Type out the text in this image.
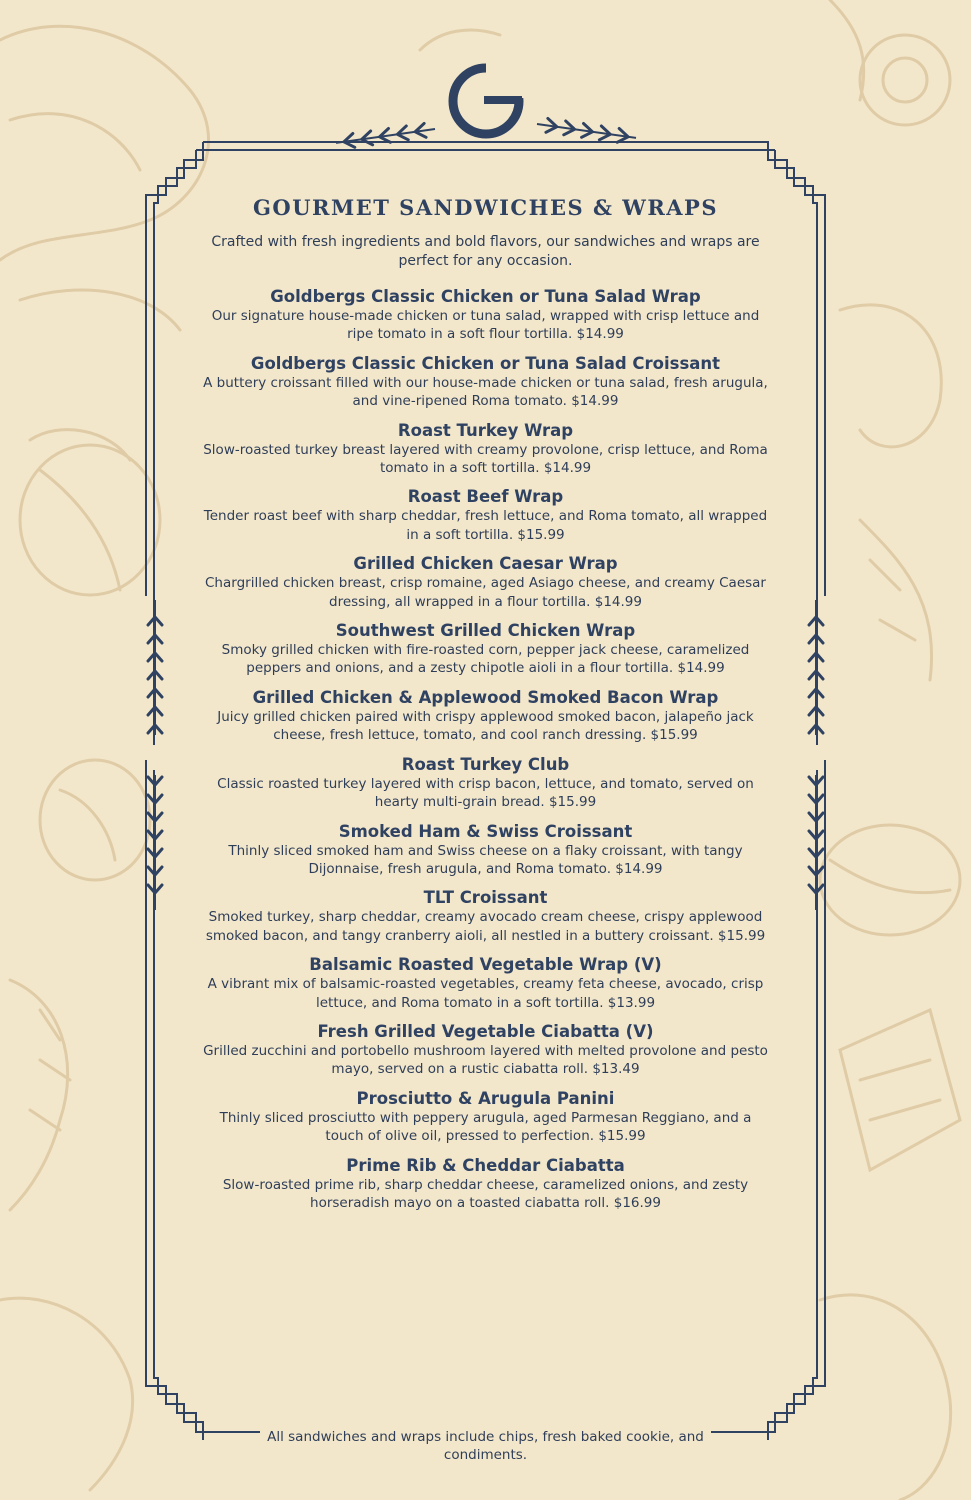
GOURMET SANDWICHES & WRAPS

Crafted with fresh ingredients and bold flavors, our sandwiches and wraps are perfect for any occasion.

Goldbergs Classic Chicken or Tuna Salad Wrap
Our signature house-made chicken or tuna salad, wrapped with crisp lettuce and ripe tomato in a soft flour tortilla. $14.99
Goldbergs Classic Chicken or Tuna Salad Croissant
A buttery croissant filled with our house-made chicken or tuna salad, fresh arugula, and vine-ripened Roma tomato. $14.99
Roast Turkey Wrap
Slow-roasted turkey breast layered with creamy provolone, crisp lettuce, and Roma tomato in a soft tortilla. $14.99
Roast Beef Wrap
Tender roast beef with sharp cheddar, fresh lettuce, and Roma tomato, all wrapped in a soft tortilla. $15.99
Grilled Chicken Caesar Wrap
Chargrilled chicken breast, crisp romaine, aged Asiago cheese, and creamy Caesar dressing, all wrapped in a flour tortilla. $14.99
Southwest Grilled Chicken Wrap
Smoky grilled chicken with fire-roasted corn, pepper jack cheese, caramelized peppers and onions, and a zesty chipotle aioli in a flour tortilla. $14.99
Grilled Chicken & Applewood Smoked Bacon Wrap
Juicy grilled chicken paired with crispy applewood smoked bacon, jalapeño jack cheese, fresh lettuce, tomato, and cool ranch dressing. $15.99
Roast Turkey Club
Classic roasted turkey layered with crisp bacon, lettuce, and tomato, served on hearty multi-grain bread. $15.99
Smoked Ham & Swiss Croissant
Thinly sliced smoked ham and Swiss cheese on a flaky croissant, with tangy Dijonnaise, fresh arugula, and Roma tomato. $14.99
TLT Croissant
Smoked turkey, sharp cheddar, creamy avocado cream cheese, crispy applewood smoked bacon, and tangy cranberry aioli, all nestled in a buttery croissant. $15.99
Balsamic Roasted Vegetable Wrap (V)
A vibrant mix of balsamic-roasted vegetables, creamy feta cheese, avocado, crisp lettuce, and Roma tomato in a soft tortilla. $13.99
Fresh Grilled Vegetable Ciabatta (V)
Grilled zucchini and portobello mushroom layered with melted provolone and pesto mayo, served on a rustic ciabatta roll. $13.49
Prosciutto & Arugula Panini
Thinly sliced prosciutto with peppery arugula, aged Parmesan Reggiano, and a touch of olive oil, pressed to perfection. $15.99
Prime Rib & Cheddar Ciabatta
Slow-roasted prime rib, sharp cheddar cheese, caramelized onions, and zesty horseradish mayo on a toasted ciabatta roll. $16.99

All sandwiches and wraps include chips, fresh baked cookie, and condiments.
